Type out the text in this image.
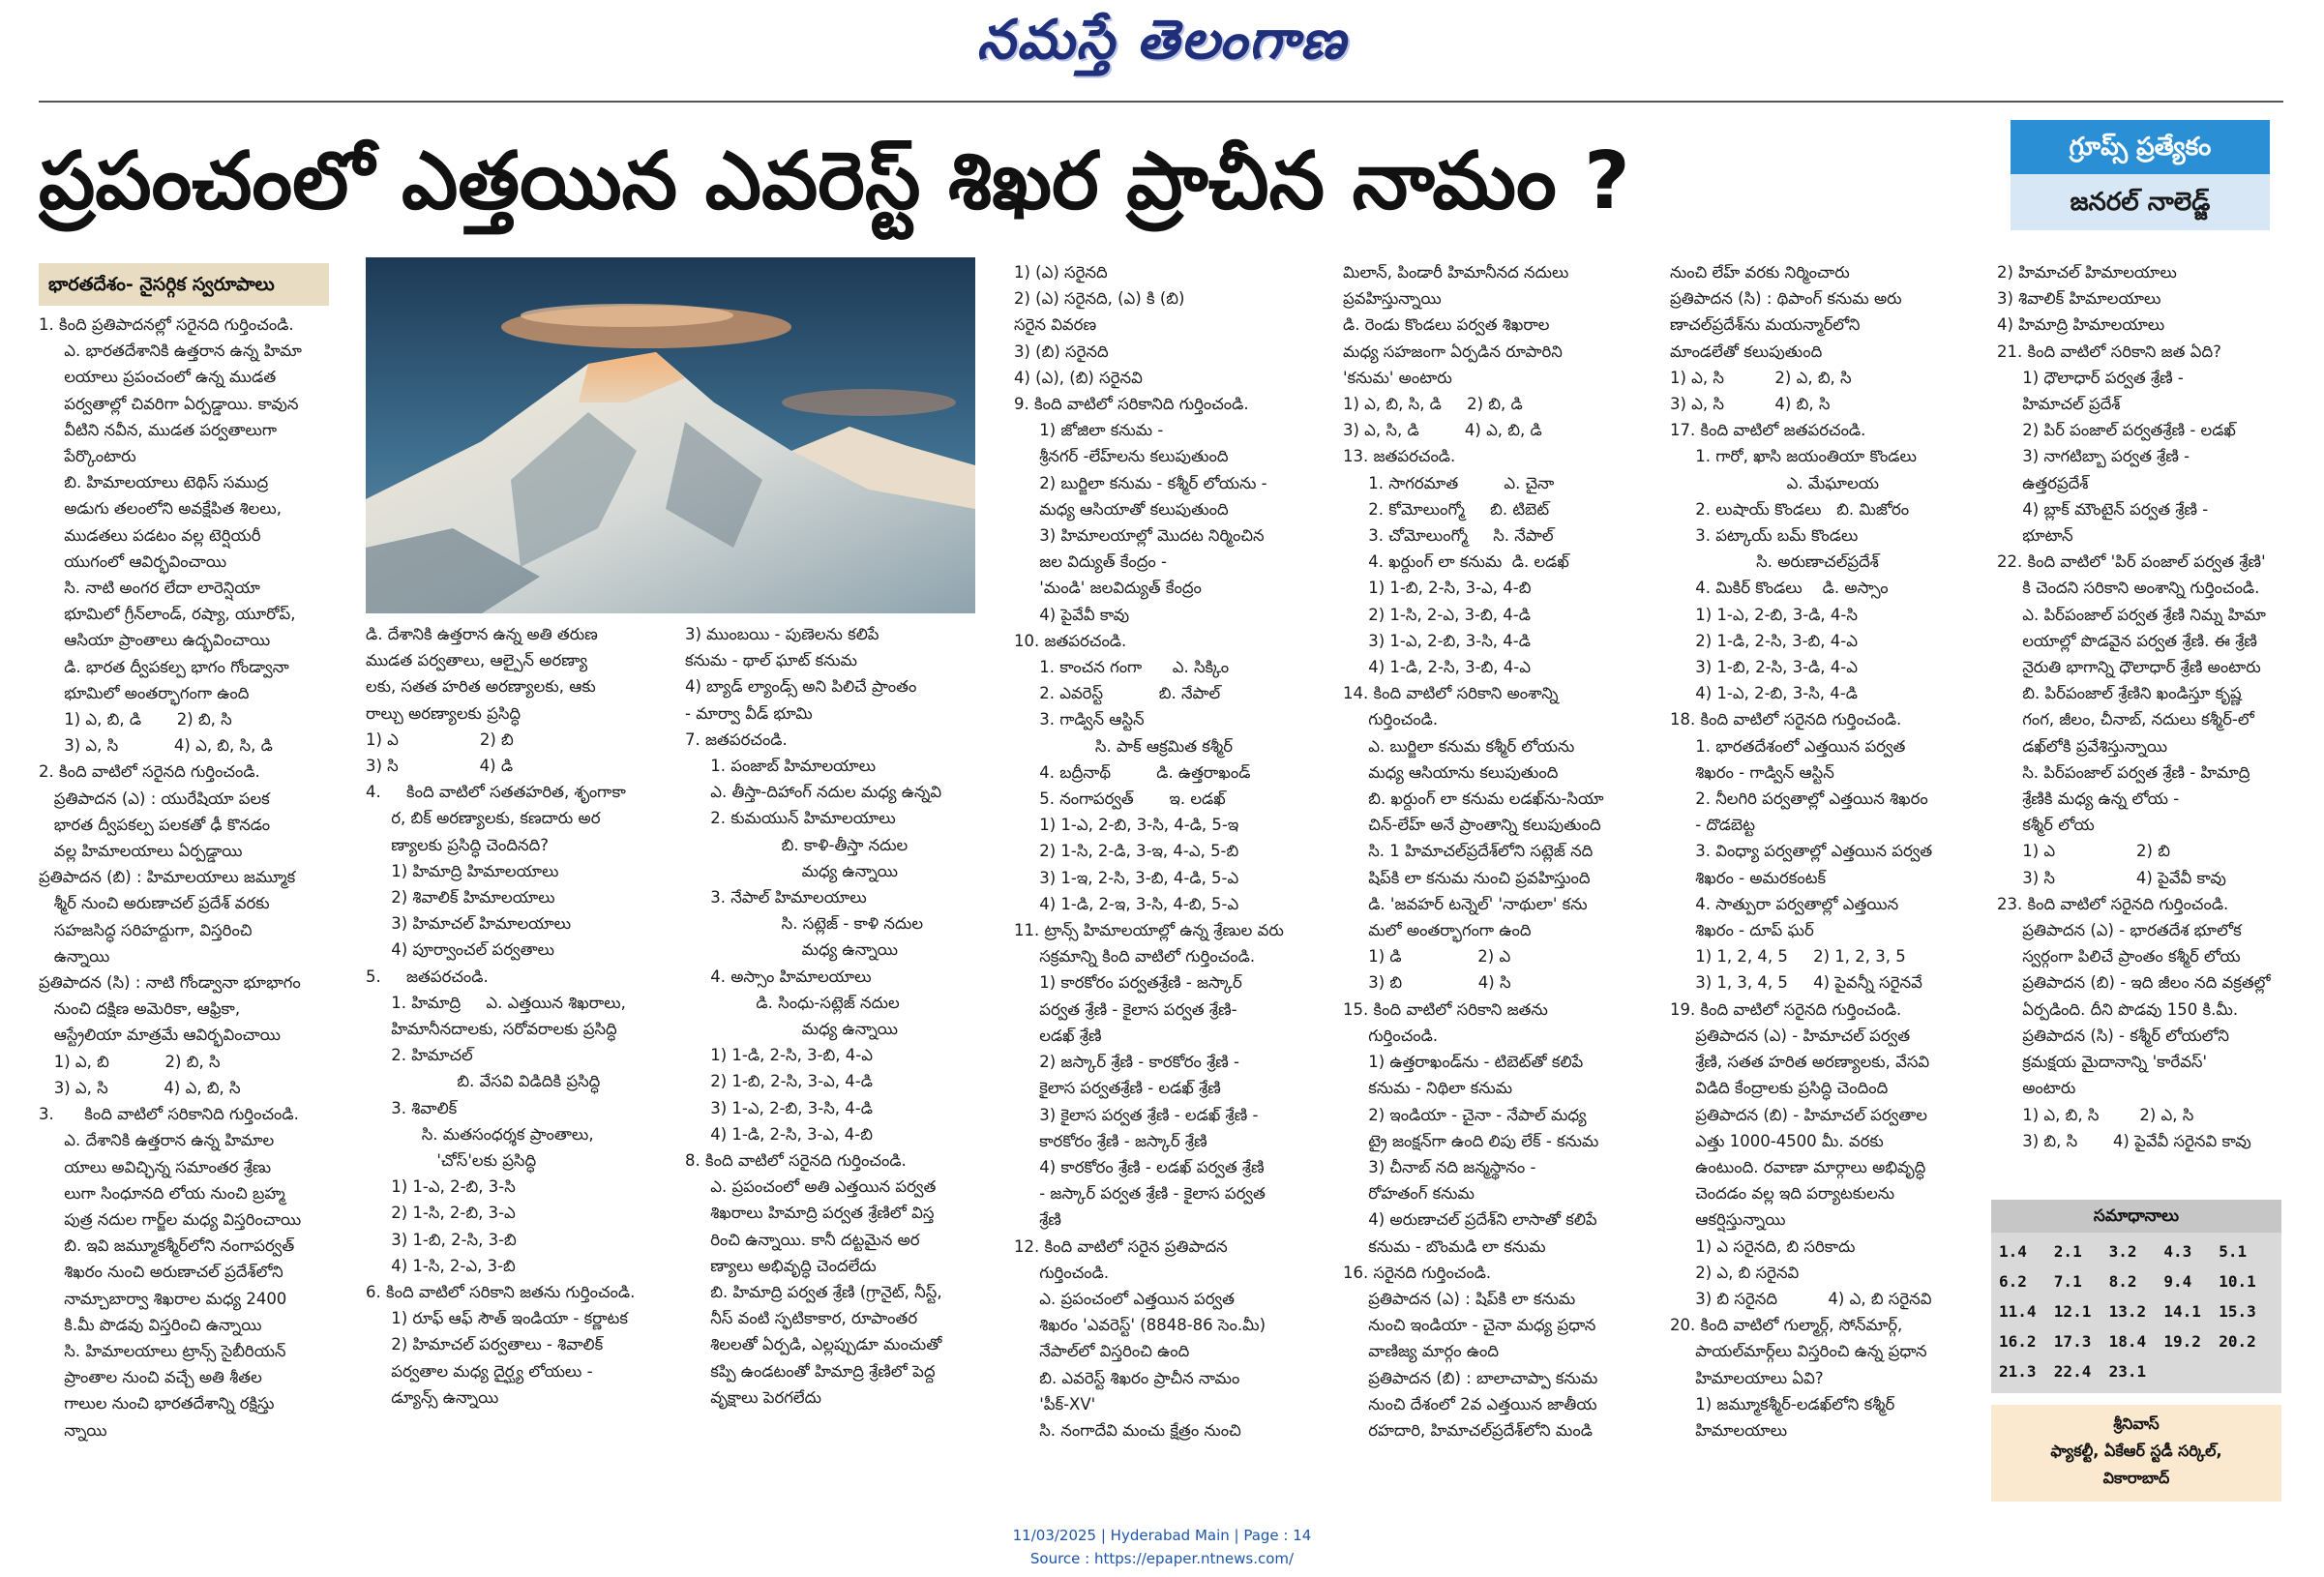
నమస్తే తెలంగాణ
ప్రపంచంలో ఎత్తయిన ఎవరెస్ట్ శిఖర ప్రాచీన నామం ?	గ్రూప్స్ ప్రత్యేకం
జనరల్ నాలెడ్జ్
భారతదేశం- నైసర్గిక స్వరూపాలు
1. కింది ప్రతిపాదనల్లో సరైనది గుర్తించండి.
ఎ. భారతదేశానికి ఉత్తరాన ఉన్న హిమా
లయాలు ప్రపంచంలో ఉన్న ముడత
పర్వతాల్లో చివరిగా ఏర్పడ్డాయి. కావున
వీటిని నవీన, ముడత పర్వతాలుగా
పేర్కొంటారు
బి. హిమాలయాలు టెథిస్ సముద్ర
అడుగు తలంలోని అవక్షేపిత శిలలు,
ముడతలు పడటం వల్ల టెర్షియరీ
యుగంలో ఆవిర్భవించాయి
సి. నాటి అంగర లేదా లారెన్షియా
భూమిలో గ్రీన్‌లాండ్, రష్యా, యూరోప్,
ఆసియా ప్రాంతాలు ఉద్భవించాయి
డి. భారత ద్వీపకల్ప భాగం గోండ్వానా
భూమిలో అంతర్భాగంగా ఉంది
1) ఎ, బి, డి       2) బి, సి
3) ఎ, సి           4) ఎ, బి, సి, డి
2. కింది వాటిలో సరైనది గుర్తించండి.
ప్రతిపాదన (ఎ) : యురేషియా పలక
భారత ద్వీపకల్ప పలకతో ఢీ కొనడం
వల్ల హిమాలయాలు ఏర్పడ్డాయి
ప్రతిపాదన (బి) : హిమాలయాలు జమ్మూక
శ్మీర్ నుంచి అరుణాచల్ ప్రదేశ్ వరకు
సహజసిద్ధ సరిహద్దుగా, విస్తరించి
ఉన్నాయి
ప్రతిపాదన (సి) : నాటి గోండ్వానా భూభాగం
నుంచి దక్షిణ అమెరికా, ఆఫ్రికా,
ఆస్ట్రేలియా మాత్రమే ఆవిర్భవించాయి
1) ఎ, బి           2) బి, సి
3) ఎ, సి           4) ఎ, బి, సి
3.      కింది వాటిలో సరికానిది గుర్తించండి.
ఎ. దేశానికి ఉత్తరాన ఉన్న హిమాల
యాలు అవిచ్ఛిన్న సమాంతర శ్రేణు
లుగా సింధూనది లోయ నుంచి బ్రహ్మ
పుత్ర నదుల గార్జ్‌ల మధ్య విస్తరించాయి
బి. ఇవి జమ్మూకశ్మీర్‌లోని నంగాపర్వత్
శిఖరం నుంచి అరుణాచల్ ప్రదేశ్‌లోని
నామ్చాబార్వా శిఖరాల మధ్య 2400
కి.మీ పొడవు విస్తరించి ఉన్నాయి
సి. హిమాలయాలు ట్రాన్స్ సైబీరియన్
ప్రాంతాల నుంచి వచ్చే అతి శీతల
గాలుల నుంచి భారతదేశాన్ని రక్షిస్తు
న్నాయి
డి. దేశానికి ఉత్తరాన ఉన్న అతి తరుణ
ముడత పర్వతాలు, ఆల్పైన్ అరణ్యా
లకు, సతత హరిత అరణ్యాలకు, ఆకు
రాల్చు అరణ్యాలకు ప్రసిద్ధి
1) ఎ                2) బి
3) సి                4) డి
4.     కింది వాటిలో సతతహరిత, శృంగాకా
ర, బిక్ అరణ్యాలకు, కణదారు అర
ణ్యాలకు ప్రసిద్ధి చెందినది?
1) హిమాద్రి హిమాలయాలు
2) శివాలిక్ హిమాలయాలు
3) హిమాచల్ హిమాలయాలు
4) పూర్వాంచల్ పర్వతాలు
5.     జతపరచండి.
1. హిమాద్రి     ఎ. ఎత్తయిన శిఖరాలు,
హిమానీనదాలకు, సరోవరాలకు ప్రసిద్ధి
2. హిమాచల్
బి. వేసవి విడిదికి ప్రసిద్ధి
3. శివాలిక్
సి. మతసంధర్శక ప్రాంతాలు,
'చోస్'లకు ప్రసిద్ధి
1) 1-ఎ, 2-బి, 3-సి
2) 1-సి, 2-బి, 3-ఎ
3) 1-బి, 2-సి, 3-బి
4) 1-సి, 2-ఎ, 3-బి
6. కింది వాటిలో సరికాని జతను గుర్తించండి.
1) రూఫ్ ఆఫ్ సౌత్ ఇండియా - కర్ణాటక
2) హిమాచల్ పర్వతాలు - శివాలిక్
పర్వతాల మధ్య దైర్ఘ్య లోయలు -
డ్యూన్స్ ఉన్నాయి
3) ముంబయి - పుణెలను కలిపే
కనుమ - థాల్ ఘాట్ కనుమ
4) బ్యాడ్ ల్యాండ్స్ అని పిలిచే ప్రాంతం
- మార్వా వీడ్ భూమి
7. జతపరచండి.
1. పంజాబ్ హిమాలయాలు
ఎ. తీస్తా-దిహాంగ్ నదుల మధ్య ఉన్నవి
2. కుమయున్ హిమాలయాలు
బి. కాళి-తీస్తా నదుల
మధ్య ఉన్నాయి
3. నేపాల్ హిమాలయాలు
సి. సట్లెజ్ - కాళి నదుల
మధ్య ఉన్నాయి
4. అస్సాం హిమాలయాలు
డి. సింధు-సట్లెజ్ నదుల
మధ్య ఉన్నాయి
1) 1-డి, 2-సి, 3-బి, 4-ఎ
2) 1-బి, 2-సి, 3-ఎ, 4-డి
3) 1-ఎ, 2-బి, 3-సి, 4-డి
4) 1-డి, 2-సి, 3-ఎ, 4-బి
8. కింది వాటిలో సరైనది గుర్తించండి.
ఎ. ప్రపంచంలో అతి ఎత్తయిన పర్వత
శిఖరాలు హిమాద్రి పర్వత శ్రేణిలో విస్త
రించి ఉన్నాయి. కానీ దట్టమైన అర
ణ్యాలు అభివృద్ధి చెందలేదు
బి. హిమాద్రి పర్వత శ్రేణి (గ్రానైట్, నీస్ట్,
నీస్ వంటి స్ఫటికాకార, రూపాంతర
శిలలతో ఏర్పడి, ఎల్లప్పుడూ మంచుతో
కప్పి ఉండటంతో హిమాద్రి శ్రేణిలో పెద్ద
వృక్షాలు పెరగలేదు
1) (ఎ) సరైనది
2) (ఎ) సరైనది, (ఎ) కి (బి)
సరైన వివరణ
3) (బి) సరైనది
4) (ఎ), (బి) సరైనవి
9. కింది వాటిలో సరికానిది గుర్తించండి.
1) జోజిలా కనుమ -
శ్రీనగర్ -లేహ్‌లను కలుపుతుంది
2) బుర్జిలా కనుమ - కశ్మీర్ లోయను -
మధ్య ఆసియాతో కలుపుతుంది
3) హిమాలయాల్లో మొదట నిర్మించిన
జల విద్యుత్ కేంద్రం -
'మండి' జలవిద్యుత్ కేంద్రం
4) పైవేవీ కావు
10. జతపరచండి.
1. కాంచన గంగా      ఎ. సిక్కిం
2. ఎవరెస్ట్           బి. నేపాల్
3. గాడ్విన్ ఆస్టిన్
సి. పాక్ ఆక్రమిత కశ్మీర్
4. బద్రీనాథ్         డి. ఉత్తరాఖండ్
5. నంగాపర్వత్       ఇ. లడఖ్
1) 1-ఎ, 2-బి, 3-సి, 4-డి, 5-ఇ
2) 1-సి, 2-డి, 3-ఇ, 4-ఎ, 5-బి
3) 1-ఇ, 2-సి, 3-బి, 4-డి, 5-ఎ
4) 1-డి, 2-ఇ, 3-సి, 4-బి, 5-ఎ
11. ట్రాన్స్ హిమాలయాల్లో ఉన్న శ్రేణుల వరు
సక్రమాన్ని కింది వాటిలో గుర్తించండి.
1) కారకోరం పర్వతశ్రేణి - జస్కార్
పర్వత శ్రేణి - కైలాస పర్వత శ్రేణి-
లడఖ్ శ్రేణి
2) జస్కార్ శ్రేణి - కారకోరం శ్రేణి -
కైలాస పర్వతశ్రేణి - లడఖ్ శ్రేణి
3) కైలాస పర్వత శ్రేణి - లడఖ్ శ్రేణి -
కారకోరం శ్రేణి - జస్కార్ శ్రేణి
4) కారకోరం శ్రేణి - లడఖ్ పర్వత శ్రేణి
- జస్కార్ పర్వత శ్రేణి - కైలాస పర్వత
శ్రేణి
12. కింది వాటిలో సరైన ప్రతిపాదన
గుర్తించండి.
ఎ. ప్రపంచంలో ఎత్తయిన పర్వత
శిఖరం 'ఎవరెస్ట్' (8848-86 సెం.మీ)
నేపాల్‌లో విస్తరించి ఉంది
బి. ఎవరెస్ట్ శిఖరం ప్రాచీన నామం
'పీక్-XV'
సి. నంగాదేవి మంచు క్షేత్రం నుంచి
మిలాన్, పిండారీ హిమానీనద నదులు
ప్రవహిస్తున్నాయి
డి. రెండు కొండలు పర్వత శిఖరాల
మధ్య సహజంగా ఏర్పడిన రూపారిని
'కనుమ' అంటారు
1) ఎ, బి, సి, డి     2) బి, డి
3) ఎ, సి, డి         4) ఎ, బి, డి
13. జతపరచండి.
1. సాగరమాత         ఎ. చైనా
2. కోమోలుంగ్మో     బి. టిబెట్
3. చోమోలుంగ్మో     సి. నేపాల్
4. ఖర్దుంగ్ లా కనుమ  డి. లడఖ్
1) 1-బి, 2-సి, 3-ఎ, 4-బి
2) 1-సి, 2-ఎ, 3-బి, 4-డి
3) 1-ఎ, 2-బి, 3-సి, 4-డి
4) 1-డి, 2-సి, 3-బి, 4-ఎ
14. కింది వాటిలో సరికాని అంశాన్ని
గుర్తించండి.
ఎ. బుర్జిలా కనుమ కశ్మీర్ లోయను
మధ్య ఆసియాను కలుపుతుంది
బి. ఖర్దుంగ్ లా కనుమ లడఖ్‌ను-సియా
చిన్-లేహ్ అనే ప్రాంతాన్ని కలుపుతుంది
సి. 1 హిమాచల్‌ప్రదేశ్‌లోని సట్లెజ్ నది
షిప్‌కి లా కనుమ నుంచి ప్రవహిస్తుంది
డి. 'జవహర్ టన్నెల్' 'నాథులా' కను
మలో అంతర్భాగంగా ఉంది
1) డి               2) ఎ
3) బి               4) సి
15. కింది వాటిలో సరికాని జతను
గుర్తించండి.
1) ఉత్తరాఖండ్‌ను - టిబెట్‌తో కలిపే
కనుమ - నిథిలా కనుమ
2) ఇండియా - చైనా - నేపాల్ మధ్య
ట్రై జంక్షన్‌గా ఉంది లిపు లేక్ - కనుమ
3) చీనాబ్ నది జన్మస్థానం -
రోహతంగ్ కనుమ
4) అరుణాచల్ ప్రదేశ్‌ని లాసాతో కలిపే
కనుమ - బొంమడి లా కనుమ
16. సరైనది గుర్తించండి.
ప్రతిపాదన (ఎ) : షిప్‌కి లా కనుమ
నుంచి ఇండియా - చైనా మధ్య ప్రధాన
వాణిజ్య మార్గం ఉంది
ప్రతిపాదన (బి) : బాలాచాప్పా కనుమ
నుంచి దేశంలో 2వ ఎత్తయిన జాతీయ
రహదారి, హిమాచల్‌ప్రదేశ్‌లోని మండి
నుంచి లేహ్ వరకు నిర్మించారు
ప్రతిపాదన (సి) : థిపాంగ్ కనుమ అరు
ణాచల్‌ప్రదేశ్‌ను మయన్మార్‌లోని
మాండలే‌తో కలుపుతుంది
1) ఎ, సి          2) ఎ, బి, సి
3) ఎ, సి          4) బి, సి
17. కింది వాటిలో జతపరచండి.
1. గారో, ఖాసి జయంతియా కొండలు
ఎ. మేఘాలయ
2. లుషాయ్ కొండలు   బి. మిజోరం
3. పట్కాయ్ బమ్ కొండలు
సి. అరుణాచల్‌ప్రదేశ్
4. మికిర్ కొండలు    డి. అస్సాం
1) 1-ఎ, 2-బి, 3-డి, 4-సి
2) 1-డి, 2-సి, 3-బి, 4-ఎ
3) 1-బి, 2-సి, 3-డి, 4-ఎ
4) 1-ఎ, 2-బి, 3-సి, 4-డి
18. కింది వాటిలో సరైనది గుర్తించండి.
1. భారతదేశంలో ఎత్తయిన పర్వత
శిఖరం - గాడ్విన్ ఆస్టిన్
2. నీలగిరి పర్వతాల్లో ఎత్తయిన శిఖరం
- దొడబెట్ట
3. వింధ్యా పర్వతాల్లో ఎత్తయిన పర్వత
శిఖరం - అమరకంటక్
4. సాత్పురా పర్వతాల్లో ఎత్తయిన
శిఖరం - దూప్ ఘర్
1) 1, 2, 4, 5     2) 1, 2, 3, 5
3) 1, 3, 4, 5     4) పైవన్నీ సరైనవే
19. కింది వాటిలో సరైనది గుర్తించండి.
ప్రతిపాదన (ఎ) - హిమాచల్ పర్వత
శ్రేణి, సతత హరిత అరణ్యాలకు, వేసవి
విడిది కేంద్రాలకు ప్రసిద్ధి చెందింది
ప్రతిపాదన (బి) - హిమాచల్ పర్వతాల
ఎత్తు 1000-4500 మీ. వరకు
ఉంటుంది. రవాణా మార్గాలు అభివృద్ధి
చెందడం వల్ల ఇది పర్యాటకులను
ఆకర్షిస్తున్నాయి
1) ఎ సరైనది, బి సరికాదు
2) ఎ, బి సరైనవి
3) బి సరైనది          4) ఎ, బి సరైనవి
20. కింది వాటిలో గుల్మార్గ్, సోన్‌మార్గ్,
పాయల్‌మార్గ్‌లు విస్తరించి ఉన్న ప్రధాన
హిమాలయాలు ఏవి?
1) జమ్మూకశ్మీర్-లడఖ్‌లోని కశ్మీర్
హిమాలయాలు
2) హిమాచల్ హిమాలయాలు
3) శివాలిక్ హిమాలయాలు
4) హిమాద్రి హిమాలయాలు
21. కింది వాటిలో సరికాని జత ఏది?
1) ధౌలాధార్ పర్వత శ్రేణి -
హిమాచల్ ప్రదేశ్
2) పిర్ పంజాల్ పర్వతశ్రేణి - లడఖ్
3) నాగటిబ్బా పర్వత శ్రేణి -
ఉత్తరప్రదేశ్
4) బ్లాక్ మౌంటైన్ పర్వత శ్రేణి -
భూటాన్
22. కింది వాటిలో 'పిర్ పంజాల్ పర్వత శ్రేణి'
కి చెందని సరికాని అంశాన్ని గుర్తించండి.
ఎ. పిర్‌పంజాల్ పర్వత శ్రేణి నిమ్న హిమా
లయాల్లో పొడవైన పర్వత శ్రేణి. ఈ శ్రేణి
నైరుతి భాగాన్ని ధౌలాధార్ శ్రేణి అంటారు
బి. పిర్‌పంజాల్ శ్రేణిని ఖండిస్తూ కృష్ణ
గంగ, జీలం, చీనాబ్, నదులు కశ్మీర్-లో
డఖ్‌లోకి ప్రవేశిస్తున్నాయి
సి. పిర్‌పంజాల్ పర్వత శ్రేణి - హిమాద్రి
శ్రేణికి మధ్య ఉన్న లోయ -
కశ్మీర్ లోయ
1) ఎ                2) బి
3) సి                4) పైవేవీ కావు
23. కింది వాటిలో సరైనది గుర్తించండి.
ప్రతిపాదన (ఎ) - భారతదేశ భూలోక
స్వర్గంగా పిలిచే ప్రాంతం కశ్మీర్ లోయ
ప్రతిపాదన (బి) - ఇది జీలం నది వక్రతల్లో
ఏర్పడింది. దీని పొడవు 150 కి.మీ.
ప్రతిపాదన (సి) - కశ్మీర్ లోయలోని
క్రమక్షయ మైదానాన్ని 'కారేవస్'
అంటారు
1) ఎ, బి, సి        2) ఎ, సి
3) బి, సి       4) పైవేవీ సరైనవి కావు
సమాధానాలు
1.4	2.1	3.2	4.3	5.1
6.2	7.1	8.2	9.4	10.1
11.4	12.1	13.2	14.1	15.3
16.2	17.3	18.4	19.2	20.2
21.3	22.4	23.1
శ్రీనివాస్
ఫ్యాకల్టీ, ఏకేఆర్ స్టడీ సర్కిల్,
వికారాబాద్
11/03/2025 | Hyderabad Main | Page : 14
Source : https://epaper.ntnews.com/
